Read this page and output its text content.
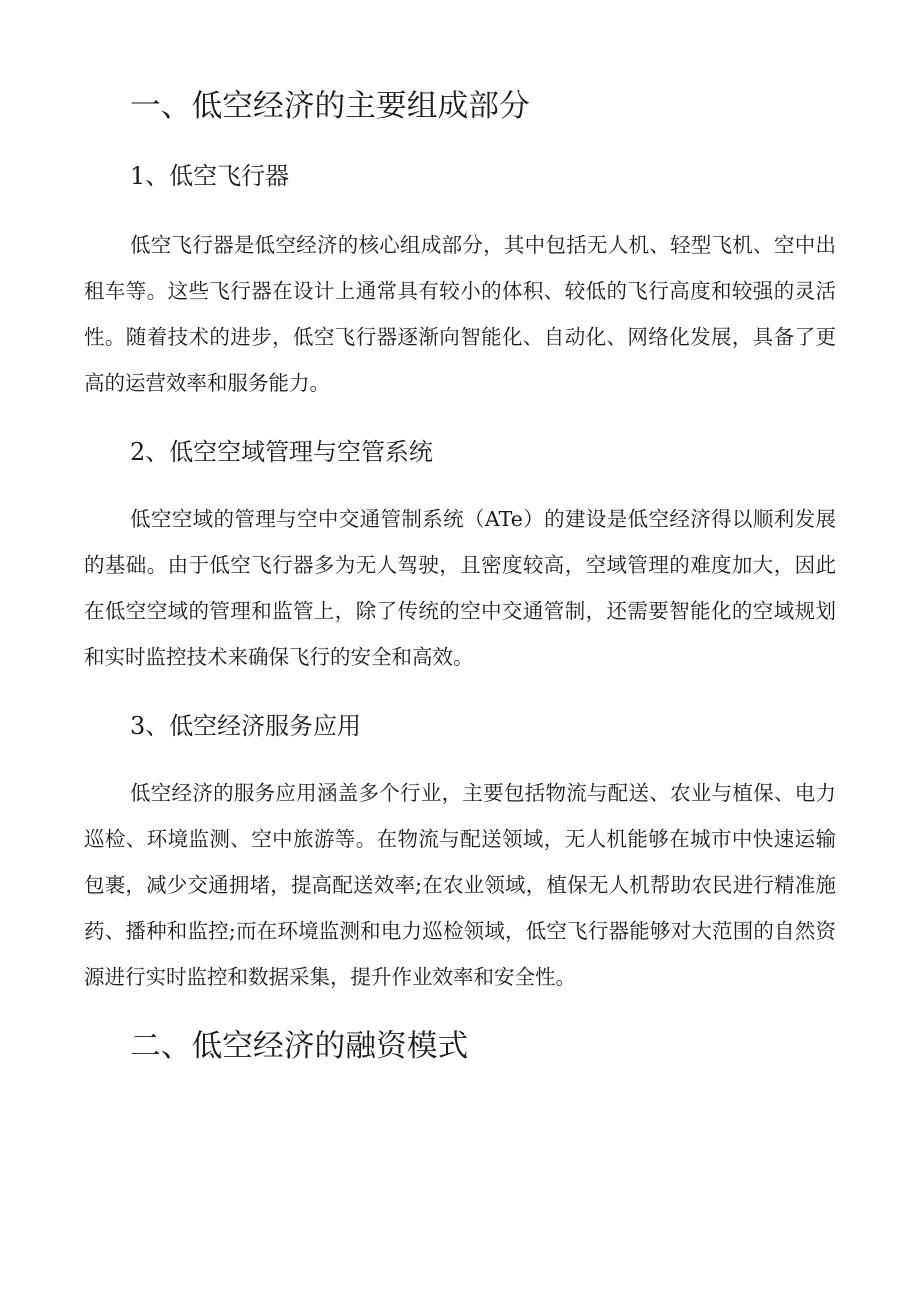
一、低空经济的主要组成部分
1、低空飞行器

低空飞行器是低空经济的核心组成部分，其中包括无人机、轻型飞机、空中出租车等。这些飞行器在设计上通常具有较小的体积、较低的飞行高度和较强的灵活性。随着技术的进步，低空飞行器逐渐向智能化、自动化、网络化发展，具备了更高的运营效率和服务能力。

2、低空空域管理与空管系统

低空空域的管理与空中交通管制系统（ATe）的建设是低空经济得以顺利发展的基础。由于低空飞行器多为无人驾驶，且密度较高，空域管理的难度加大，因此在低空空域的管理和监管上，除了传统的空中交通管制，还需要智能化的空域规划和实时监控技术来确保飞行的安全和高效。

3、低空经济服务应用

低空经济的服务应用涵盖多个行业，主要包括物流与配送、农业与植保、电力巡检、环境监测、空中旅游等。在物流与配送领域，无人机能够在城市中快速运输包裹，减少交通拥堵，提高配送效率;在农业领域，植保无人机帮助农民进行精准施药、播种和监控;而在环境监测和电力巡检领域，低空飞行器能够对大范围的自然资源进行实时监控和数据采集，提升作业效率和安全性。

二、低空经济的融资模式
